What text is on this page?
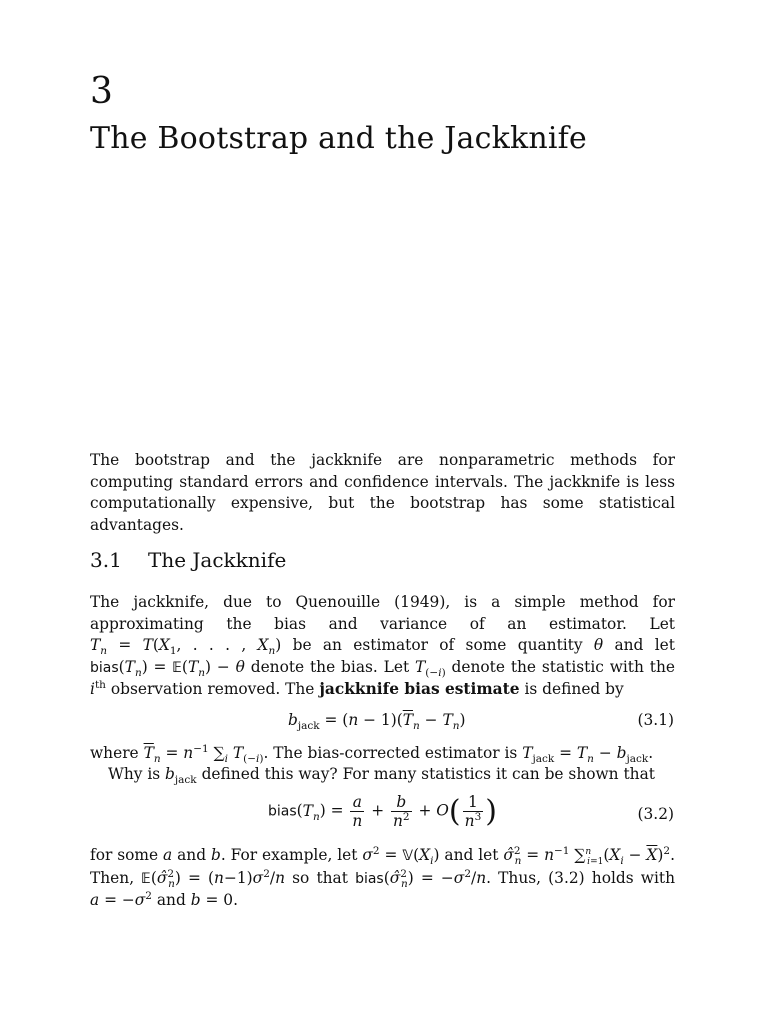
3
The Bootstrap and the Jackknife
The bootstrap and the jackknife are nonparametric methods for computing standard errors and confidence intervals. The jackknife is less computationally expensive, but the bootstrap has some statistical advantages.
3.1 The Jackknife
The jackknife, due to Quenouille (1949), is a simple method for approximating the bias and variance of an estimator. Let $T_n = T(X_1$, . . . , $X_n$) be an estimator of some quantity θ and let $bias(T_n)$ = $𝔼(T_n) - \theta$ denote the bias. Let $T_{(-i)}$ denote the statistic with the $i^{th}$ observation removed. The jackknife bias estimate is defined by
$b_{jack} = (n - 1)(\overline{T}_n - T_n)$	(3.1)
where $\overline{T}_n = n^{-1}$ $\sum_i$ $T_{(-i)}$. The bias-corrected estimator is $T_{jack} = T_n - b_{jack}$.
Why is $b_{jack}$ defined this way? For many statistics it can be shown that
$bias(T_n) = \frac{a}{n} + \frac{b}{n^2} + O( \frac{1}{n^3}$ )	(3.2)
for some a and b. For example, let $\sigma^2$ = $𝕍(X_i)$ and let σ̂$^2_n$ = $n^{-1}$ $\sum^n_{i=1}(X_i - \overline{X})^2$. Then, 𝔼(σ̂$^2_n$) = $(n-1)\sigma^2/n$ so that bias(σ̂$^2_n$) = $-\sigma^2/n$. Thus, (3.2) holds with $a = -\sigma^2$ and b = 0.
